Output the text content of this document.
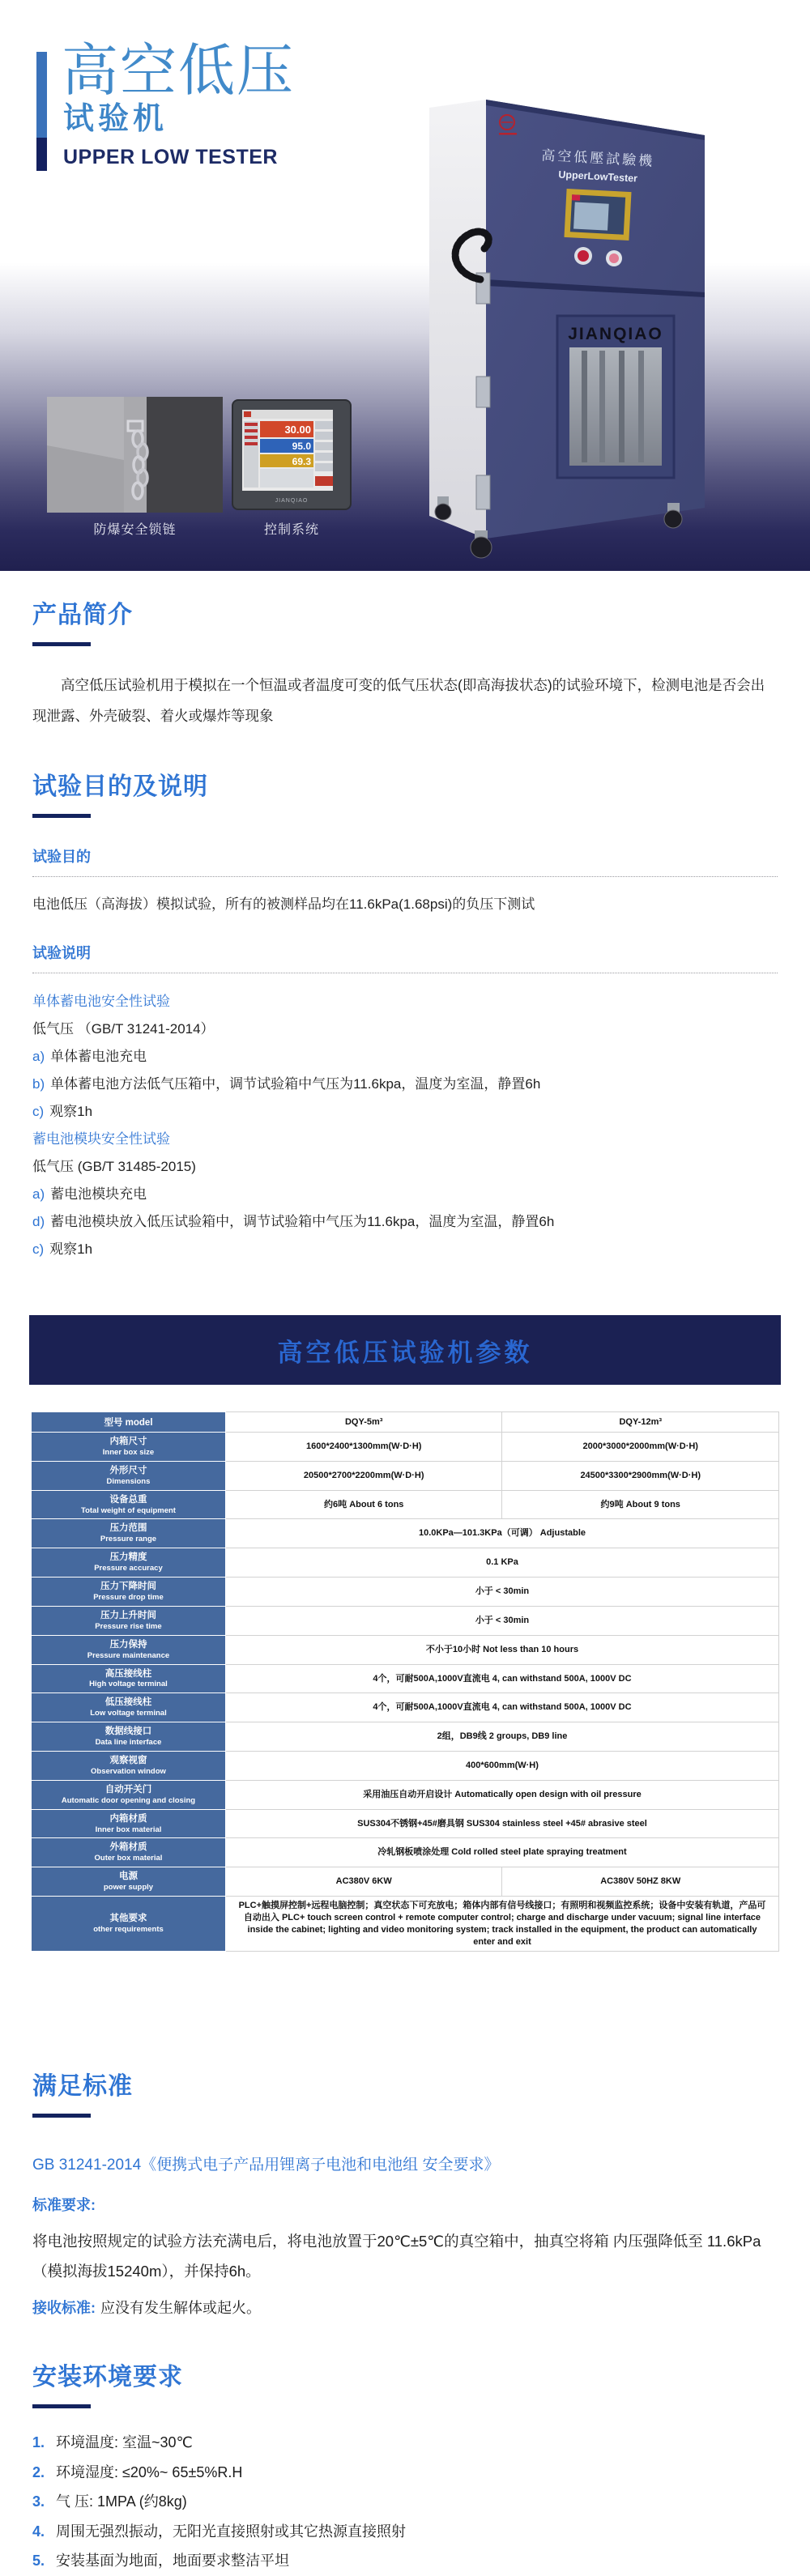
高空低压
试验机
UPPER LOW TESTER	高空低壓試驗機
UpperLowTester
JIANQIAO
30.00
95.0
69.3
JIANQIAO
防爆安全锁链	控制系统
产品简介

高空低压试验机用于模拟在一个恒温或者温度可变的低气压状态(即高海拔状态)的试验环境下，检测电池是否会出现泄露、外壳破裂、着火或爆炸等现象

试验目的及说明
试验目的
电池低压（高海拔）模拟试验，所有的被测样品均在11.6kPa(1.68psi)的负压下测试
试验说明
单体蓄电池安全性试验
低气压 （GB/T 31241-2014）
a) 单体蓄电池充电
b) 单体蓄电池方法低气压箱中，调节试验箱中气压为11.6kpa，温度为室温，静置6h
c) 观察1h
蓄电池模块安全性试验
低气压 (GB/T 31485-2015)
a) 蓄电池模块充电
d) 蓄电池模块放入低压试验箱中，调节试验箱中气压为11.6kpa，温度为室温，静置6h
c) 观察1h
高空低压试验机参数
型号 model	DQY-5m³	DQY-12m³

内箱尺寸
Inner box size	1600*2400*1300mm(W·D·H)	2000*3000*2000mm(W·D·H)

外形尺寸
Dimensions	20500*2700*2200mm(W·D·H)	24500*3300*2900mm(W·D·H)

设备总重
Total weight of equipment	约6吨 About 6 tons	约9吨 About 9 tons

压力范围
Pressure range	10.0KPa—101.3KPa（可调） Adjustable	

压力精度
Pressure accuracy	0.1 KPa	

压力下降时间
Pressure drop time	小于 < 30min	

压力上升时间
Pressure rise time	小于 < 30min	

压力保持
Pressure maintenance	不小于10小时 Not less than 10 hours	

高压接线柱
High voltage terminal	4个，可耐500A,1000V直流电 4, can withstand 500A, 1000V DC	

低压接线柱
Low voltage terminal	4个，可耐500A,1000V直流电 4, can withstand 500A, 1000V DC	

数据线接口
Data line interface	2组，DB9线 2 groups, DB9 line	

观察视窗
Observation window	400*600mm(W·H)	

自动开关门
Automatic door opening and closing	采用油压自动开启设计 Automatically open design with oil pressure	

内箱材质
Inner box material	SUS304不锈钢+45#磨具钢 SUS304 stainless steel +45# abrasive steel	

外箱材质
Outer box material	冷轧钢板喷涂处理 Cold rolled steel plate spraying treatment	

电源
power supply	AC380V 6KW	AC380V 50HZ 8KW

其他要求
other requirements	PLC+触摸屏控制+远程电脑控制；真空状态下可充放电；箱体内部有信号线接口；有照明和视频监控系统；设备中安装有轨道，产品可自动出入 PLC+ touch screen control + remote computer control; charge and discharge under vacuum; signal line interface inside the cabinet; lighting and video monitoring system; track installed in the equipment, the product can automatically enter and exit	
满足标准
GB 31241-2014《便携式电子产品用锂离子电池和电池组 安全要求》
标准要求:

将电池按照规定的试验方法充满电后，将电池放置于20℃±5℃的真空箱中，抽真空将箱 内压强降低至 11.6kPa（模拟海拔15240m），并保持6h。

接收标准: 应没有发生解体或起火。
安装环境要求
1. 环境温度: 室温~30℃
2. 环境湿度: ≤20%~ 65±5%R.H
3. 气 压: 1MPA (约8kg)
4. 周围无强烈振动，无阳光直接照射或其它热源直接照射
5. 安装基面为地面，地面要求整洁平坦
